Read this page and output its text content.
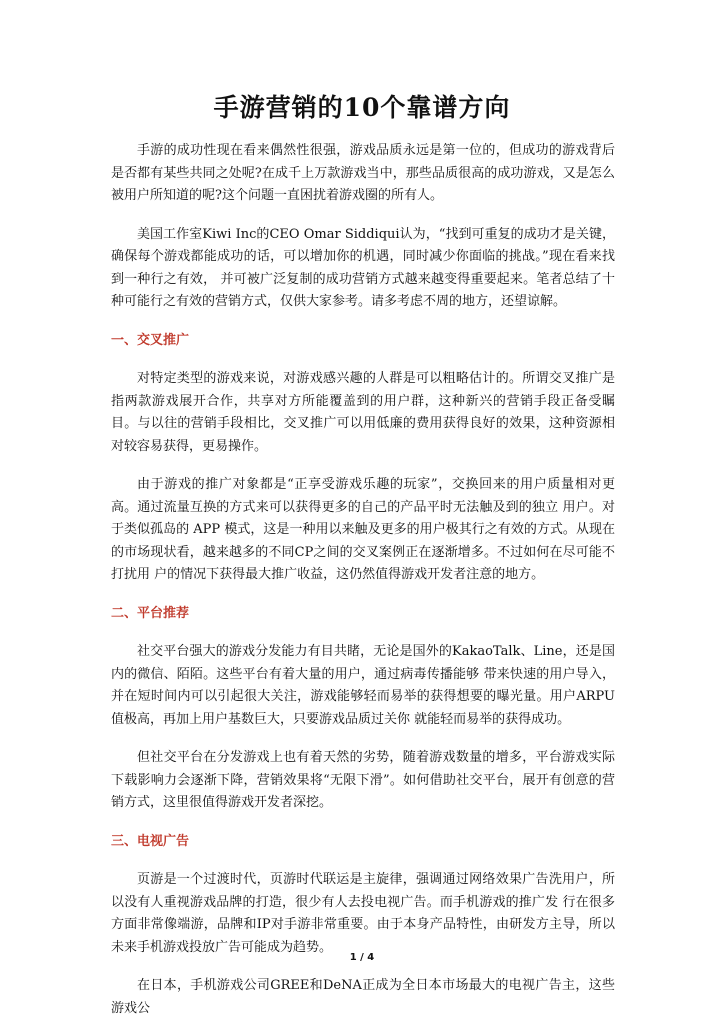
手游营销的10个靠谱方向

手游的成功性现在看来偶然性很强，游戏品质永远是第一位的，但成功的游戏背后是否都有某些共同之处呢?在成千上万款游戏当中，那些品质很高的成功游戏，又是怎么被用户所知道的呢?这个问题一直困扰着游戏圈的所有人。

美国工作室Kiwi Inc的CEO Omar Siddiqui认为，“找到可重复的成功才是关键，确保每个游戏都能成功的话，可以增加你的机遇，同时减少你面临的挑战。”现在看来找到一种行之有效， 并可被广泛复制的成功营销方式越来越变得重要起来。笔者总结了十种可能行之有效的营销方式，仅供大家参考。请多考虑不周的地方，还望谅解。

一、交叉推广

对特定类型的游戏来说，对游戏感兴趣的人群是可以粗略估计的。所谓交叉推广是指两款游戏展开合作，共享对方所能覆盖到的用户群，这种新兴的营销手段正备受瞩目。与以往的营销手段相比，交叉推广可以用低廉的费用获得良好的效果，这种资源相对较容易获得，更易操作。

由于游戏的推广对象都是“正享受游戏乐趣的玩家”，交换回来的用户质量相对更高。通过流量互换的方式来可以获得更多的自己的产品平时无法触及到的独立 用户。对于类似孤岛的 APP 模式，这是一种用以来触及更多的用户极其行之有效的方式。从现在的市场现状看，越来越多的不同CP之间的交叉案例正在逐渐增多。不过如何在尽可能不打扰用 户的情况下获得最大推广收益，这仍然值得游戏开发者注意的地方。

二、平台推荐

社交平台强大的游戏分发能力有目共睹，无论是国外的KakaoTalk、Line，还是国内的微信、陌陌。这些平台有着大量的用户，通过病毒传播能够 带来快速的用户导入，并在短时间内可以引起很大关注，游戏能够轻而易举的获得想要的曝光量。用户ARPU值极高，再加上用户基数巨大，只要游戏品质过关你 就能轻而易举的获得成功。

但社交平台在分发游戏上也有着天然的劣势，随着游戏数量的增多，平台游戏实际下载影响力会逐渐下降，营销效果将“无限下滑”。如何借助社交平台，展开有创意的营销方式，这里很值得游戏开发者深挖。

三、电视广告

页游是一个过渡时代，页游时代联运是主旋律，强调通过网络效果广告洗用户，所以没有人重视游戏品牌的打造，很少有人去投电视广告。而手机游戏的推广发 行在很多方面非常像端游，品牌和IP对手游非常重要。由于本身产品特性，由研发方主导，所以未来手机游戏投放广告可能成为趋势。

在日本，手机游戏公司GREE和DeNA正成为全日本市场最大的电视广告主，这些游戏公

1 / 4
